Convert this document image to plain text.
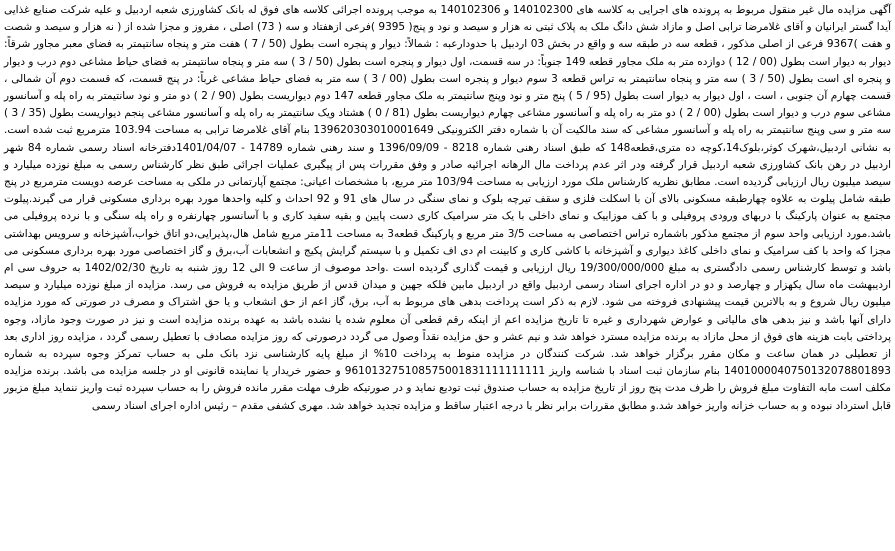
آگهی مزایده مال غیر منقول مربوط به پرونده های اجرایی به کلاسه های 140102300 و 140102306 به موجب پرونده اجرائی کلاسه های فوق له بانک کشاورزی شعبه اردبیل و علیه شرکت صنایع غذایی آیدا گستر ایرانیان و آقای غلامرضا ترابی اصل و مازاد شش دانگ ملک به پلاک ثبتی نه هزار و سیصد و نود و پنج( 9395 )فرعی ازهفتاد و سه ( 73) اصلی ، مفروز و مجزا شده از ( نه هزار و سیصد و شصت و هفت )9367 فرعی از اصلی مذکور ، قطعه سه در طبقه سه و واقع در بخش 03 اردبیل با حدودارعبه : شمالاً: دیوار و پنجره است بطول (50 / 7 ) هفت متر و پنجاه سانتیمتر به فضای معبر مجاور شرقاً: دیوار به دیوار است بطول (00 / 12 ) دوازده متر به ملک مجاور قطعه 149 جنوباً: در سه قسمت، اول دیوار و پنجره است بطول (50 / 3 ) سه متر و پنجاه سانتیمتر به فضای حیاط مشاعی دوم درب و دیوار و پنجره ای است بطول (50 / 3 ) سه متر و پنجاه سانتیمتر به تراس قطعه 3 سوم دیوار و پنجره است بطول (00 / 3 ) سه متر به فضای حیاط مشاعی غرباً: در پنج قسمت، که قسمت دوم آن شمالی ، قسمت چهارم آن جنوبی ، است ، اول دیوار به دیوار است بطول (95 / 5 ) پنج متر و نود وپنج سانتیمتر به ملک مجاور قطعه 147 دوم دیواریست بطول (90 / 2 ) دو متر و نود سانتیمتر به راه پله و آسانسور مشاعی سوم درب و دیوار است بطول (00 / 2 ) دو متر به راه پله و آسانسور مشاعی چهارم دیواریست بطول (81 / 0 ) هشتاد ویک سانتیمتر به راه پله و آسانسور مشاعی پنجم دیواریست بطول (35 / 3 ) سه متر و سی وپنج سانتیمتر به راه پله و آسانسور مشاعی که سند مالکیت آن با شماره دفتر الکترونیکی 139620303010001649 بنام آقای غلامرضا ترابی به مساحت 103.94 مترمربع ثبت شده است. به نشانی اردبیل،شهرک کوثر،بلوک14،کوچه ده متری،قطعه148 که طبق اسناد رهنی شماره 8218 - 1396/09/09 و سند رهنی شماره 14789 - 1401/04/07دفترخانه اسناد رسمی شماره 84 شهر اردبیل در رهن بانک کشاورزی شعبه اردبیل قرار گرفته ودر اثر عدم پرداخت مال الرهانه اجرائیه صادر و وفق مقررات پس از پیگیری عملیات اجرائی طبق نظر کارشناس رسمی به مبلغ نوزده میلیارد و سیصد میلیون ریال ارزیابی گردیده است. مطابق نظریه کارشناس ملک مورد ارزیابی به مساحت 103/94 متر مربع، با مشخصات اعیانی: مجتمع آپارتمانی در ملکی به مساحت عرصه دویست مترمربع در پنج طبقه شامل پیلوت به علاوه چهارطبقه مسکونی بالای آن با اسکلت فلزی و سقف تیرچه بلوک و نمای سنگی در سال های 91 و 92 احداث و کلیه واحدها مورد بهره برداری مسکونی قرار می گیرند.پیلوت مجتمع به عنوان پارکینگ با دربهای ورودی پروفیلی و با کف موزاییک و نمای داخلی با یک متر سرامیک کاری دست پایین و بقیه سفید کاری و با آسانسور چهارنفره و راه پله سنگی و با نرده پروفیلی می باشد.مورد ارزیابی واحد سوم از مجتمع مذکور باشماره تراس اختصاصی به مساحت 3/5 متر مربع و پارکینگ قطعه3 به مساحت 11متر مربع شامل هال،پذیرایی،دو اتاق خواب،آشپزخانه و سرویس بهداشتی مجزا که واحد با کف سرامیک و نمای داخلی کاغذ دیواری و آشپزخانه با کاشی کاری و کابینت ام دی اف تکمیل و با سیستم گرایش پکیج و انشعابات آب،برق و گاز اختصاصی مورد بهره برداری مسکونی می باشد و توسط کارشناس رسمی دادگستری به مبلغ 19/300/000/000 ریال ارزیابی و قیمت گذاری گردیده است .واحد موصوف از ساعت 9 الی 12 روز شنبه به تاریخ 1402/02/30 به حروف سی ام اردیبهشت ماه سال یکهزار و چهارصد و دو در اداره اجرای اسناد رسمی اردبیل واقع در اردبیل مابین فلکه جهین و میدان قدس از طریق مزایده به فروش می رسد. مزایده از مبلغ نوزده میلیارد و سیصد میلیون ریال شروع و به بالاترین قیمت پیشنهادی فروخته می شود. لازم به ذکر است پرداخت بدهی های مربوط به آب، برق، گاز اعم از حق انشعاب و یا حق اشتراک و مصرف در صورتی که مورد مزایده دارای آنها باشد و نیز بدهی های مالیاتی و عوارض شهرداری و غیره تا تاریخ مزایده اعم از اینکه رقم قطعی آن معلوم شده یا نشده باشد به عهده برنده مزایده است و نیز در صورت وجود مازاد، وجوه پرداختی بابت هزینه های فوق از محل مازاد به برنده مزایده مسترد خواهد شد و نیم عشر و حق مزایده نقداً وصول می گردد درصورتی که روز مزایده مصادف با تعطیل رسمی گردد ، مزایده روز اداری بعد از تعطیلی در همان ساعت و مکان مقرر برگزار خواهد شد. شرکت کنندگان در مزایده منوط به پرداخت 10% از مبلغ پایه کارشناسی نزد بانک ملی به حساب تمرکز وجوه سپرده به شماره 1401000040750132078801893 بنام سازمان ثبت اسناد با شناسه واریز 961013275108575001831111111111 و حضور خریدار یا نماینده قانونی او در جلسه مزایده می باشد. برنده مزایده مکلف است مابه التفاوت مبلغ فروش را ظرف مدت پنج روز از تاریخ مزایده به حساب صندوق ثبت تودیع نماید و در صورتیکه ظرف مهلت مقرر مانده فروش را به حساب سپرده ثبت واریز ننماید مبلغ مزبور قابل استرداد نبوده و به حساب خزانه واریز خواهد شد.و مطابق مقررات برابر نظر با درجه اعتبار ساقط و مزایده تجدید خواهد شد. مهری کشفی مقدم – رئیس اداره اجرای اسناد رسمی
